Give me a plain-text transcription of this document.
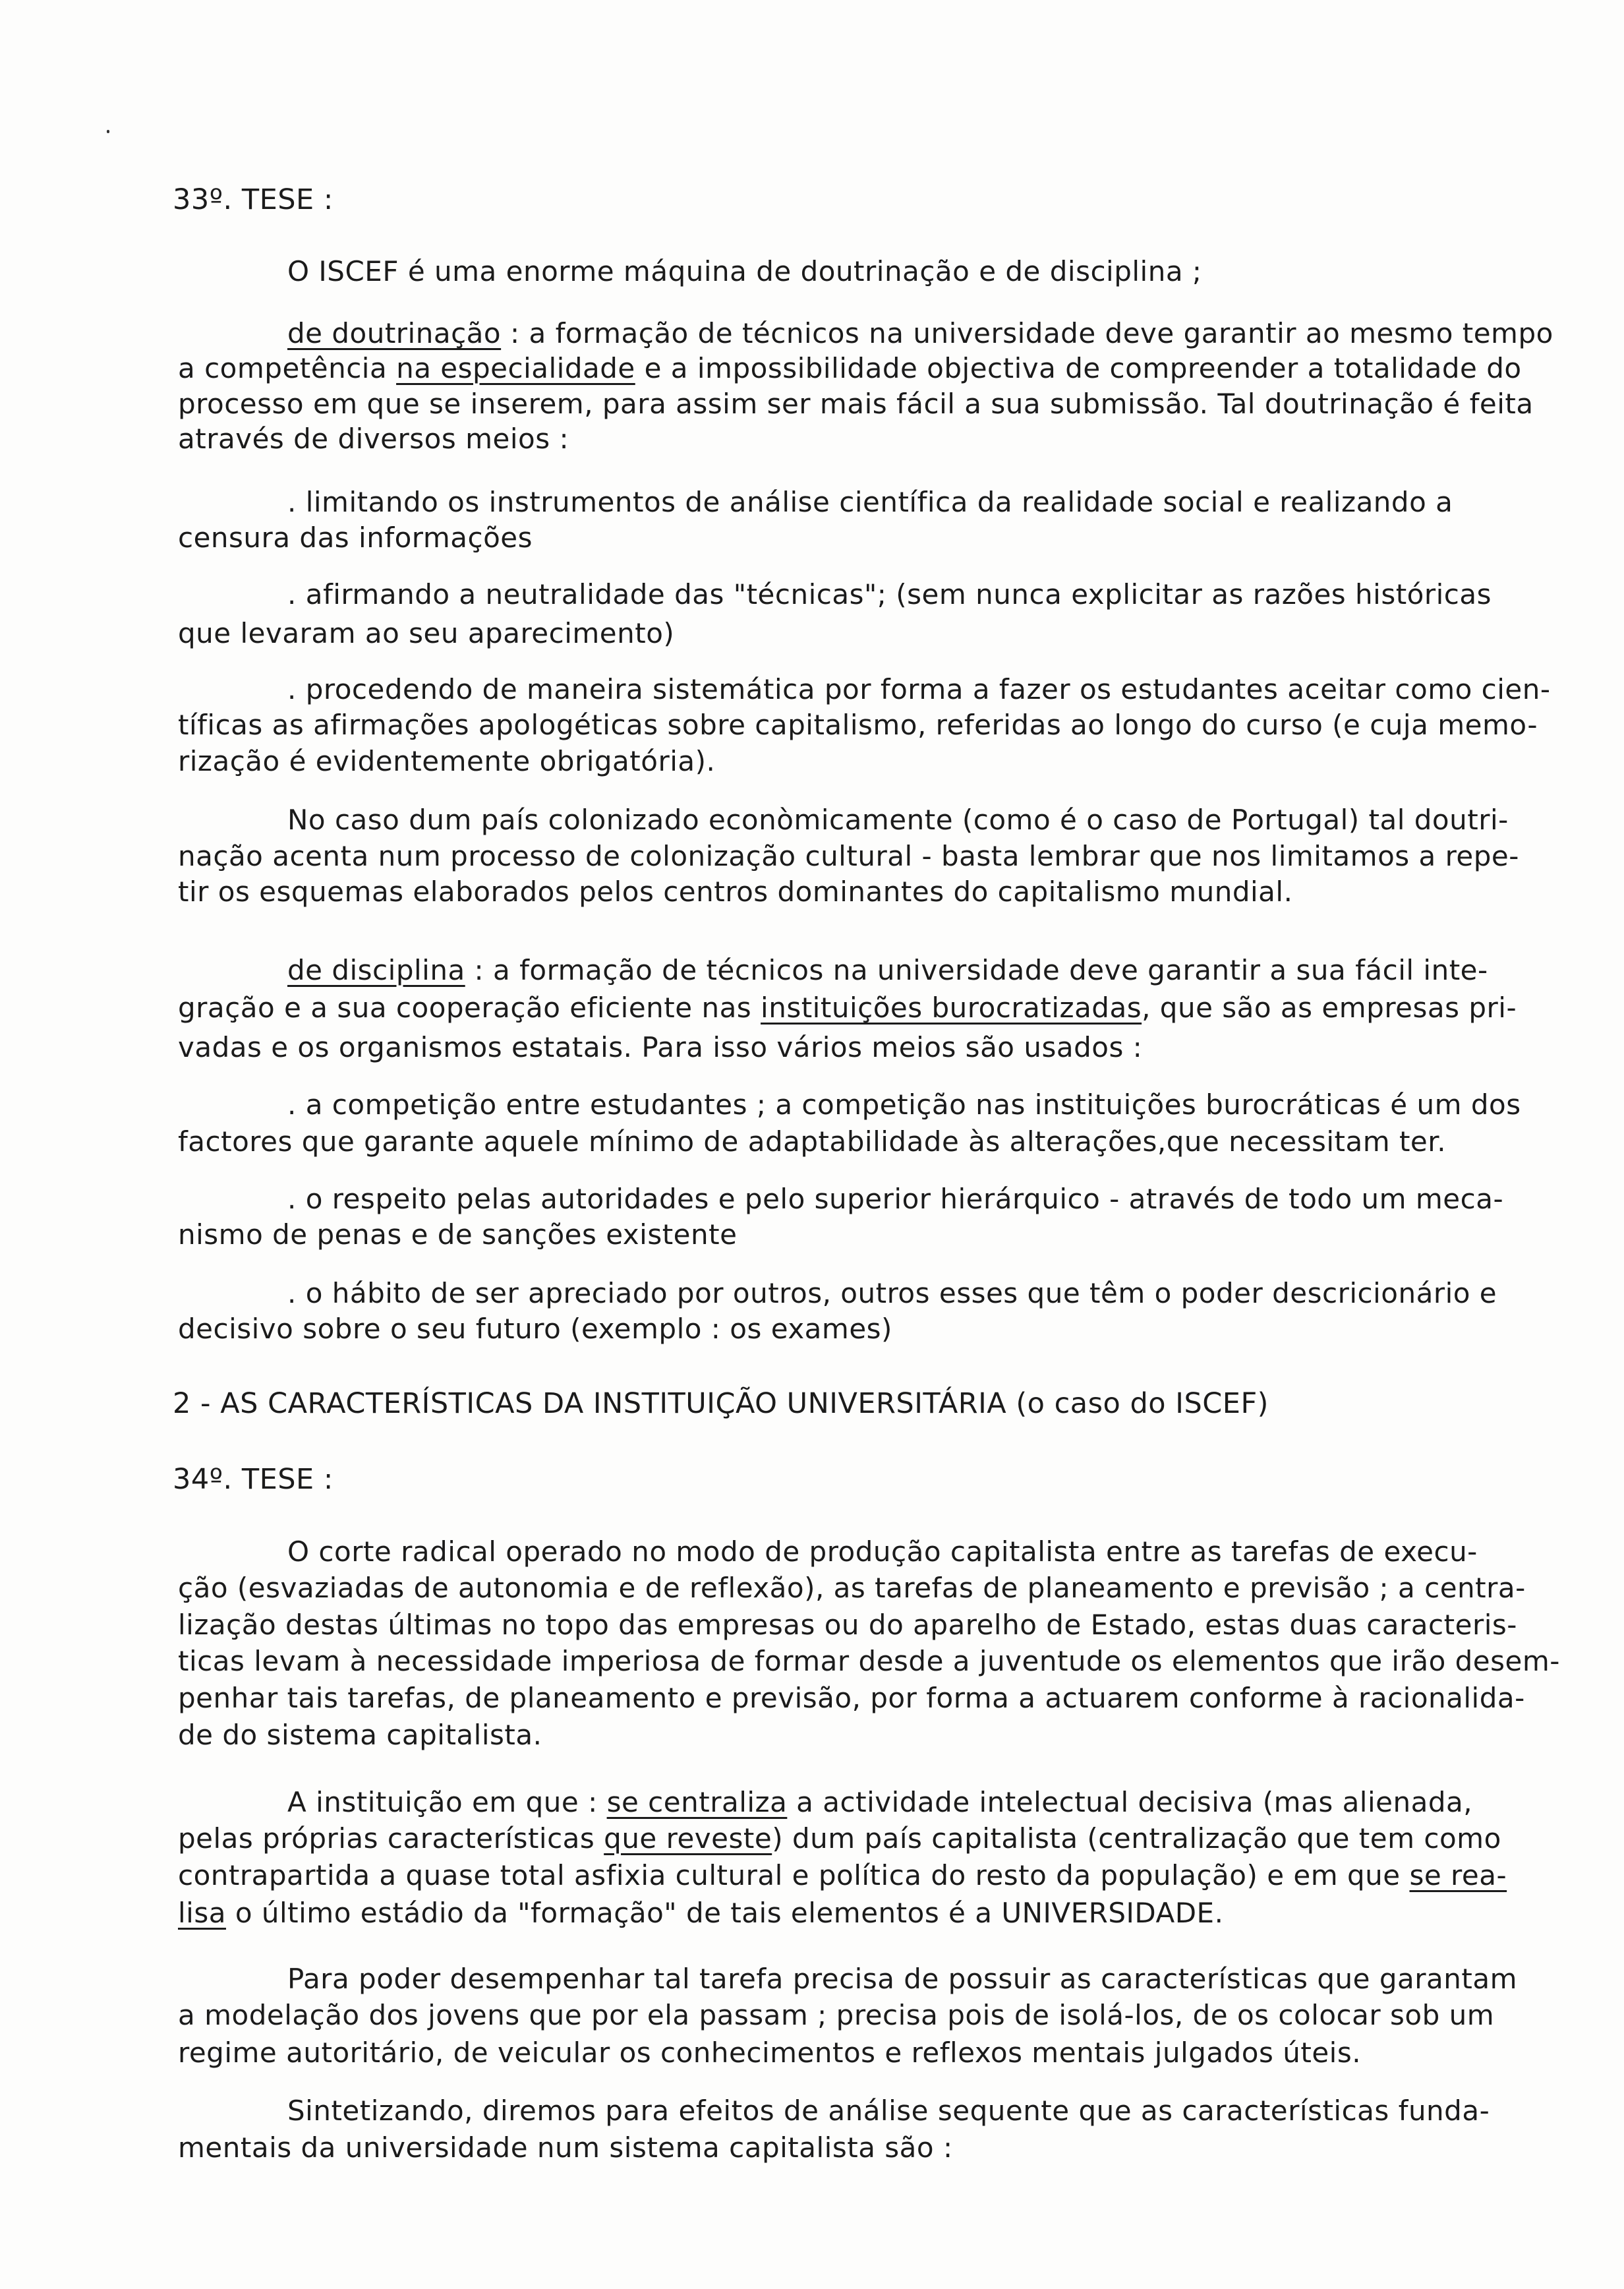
33º. TESE :
O ISCEF é uma enorme máquina de doutrinação e de disciplina ;
de doutrinação : a formação de técnicos na universidade deve garantir ao mesmo tempo
a competência na especialidade e a impossibilidade objectiva de compreender a totalidade do
processo em que se inserem, para assim ser mais fácil a sua submissão. Tal doutrinação é feita
através de diversos meios :
. limitando os instrumentos de análise científica da realidade social e realizando a
censura das informações
. afirmando a neutralidade das "técnicas"; (sem nunca explicitar as razões históricas
que levaram ao seu aparecimento)
. procedendo de maneira sistemática por forma a fazer os estudantes aceitar como cien-
tíficas as afirmações apologéticas sobre capitalismo, referidas ao longo do curso (e cuja memo-
rização é evidentemente obrigatória).
No caso dum país colonizado econòmicamente (como é o caso de Portugal) tal doutri-
nação acenta num processo de colonização cultural - basta lembrar que nos limitamos a repe-
tir os esquemas elaborados pelos centros dominantes do capitalismo mundial.
de disciplina : a formação de técnicos na universidade deve garantir a sua fácil inte-
gração e a sua cooperação eficiente nas instituições burocratizadas, que são as empresas pri-
vadas e os organismos estatais. Para isso vários meios são usados :
. a competição entre estudantes ; a competição nas instituições burocráticas é um dos
factores que garante aquele mínimo de adaptabilidade às alterações,que necessitam ter.
. o respeito pelas autoridades e pelo superior hierárquico - através de todo um meca-
nismo de penas e de sanções existente
. o hábito de ser apreciado por outros, outros esses que têm o poder descricionário e
decisivo sobre o seu futuro (exemplo : os exames)
2 - AS CARACTERÍSTICAS DA INSTITUIÇÃO UNIVERSITÁRIA (o caso do ISCEF)
34º. TESE :
O corte radical operado no modo de produção capitalista entre as tarefas de execu-
ção (esvaziadas de autonomia e de reflexão), as tarefas de planeamento e previsão ; a centra-
lização destas últimas no topo das empresas ou do aparelho de Estado, estas duas caracteris-
ticas levam à necessidade imperiosa de formar desde a juventude os elementos que irão desem-
penhar tais tarefas, de planeamento e previsão, por forma a actuarem conforme à racionalida-
de do sistema capitalista.
A instituição em que : se centraliza a actividade intelectual decisiva (mas alienada,
pelas próprias características que reveste) dum país capitalista (centralização que tem como
contrapartida a quase total asfixia cultural e política do resto da população) e em que se rea-
lisa o último estádio da "formação" de tais elementos é a UNIVERSIDADE.
Para poder desempenhar tal tarefa precisa de possuir as características que garantam
a modelação dos jovens que por ela passam ; precisa pois de isolá-los, de os colocar sob um
regime autoritário, de veicular os conhecimentos e reflexos mentais julgados úteis.
Sintetizando, diremos para efeitos de análise sequente que as características funda-
mentais da universidade num sistema capitalista são :
